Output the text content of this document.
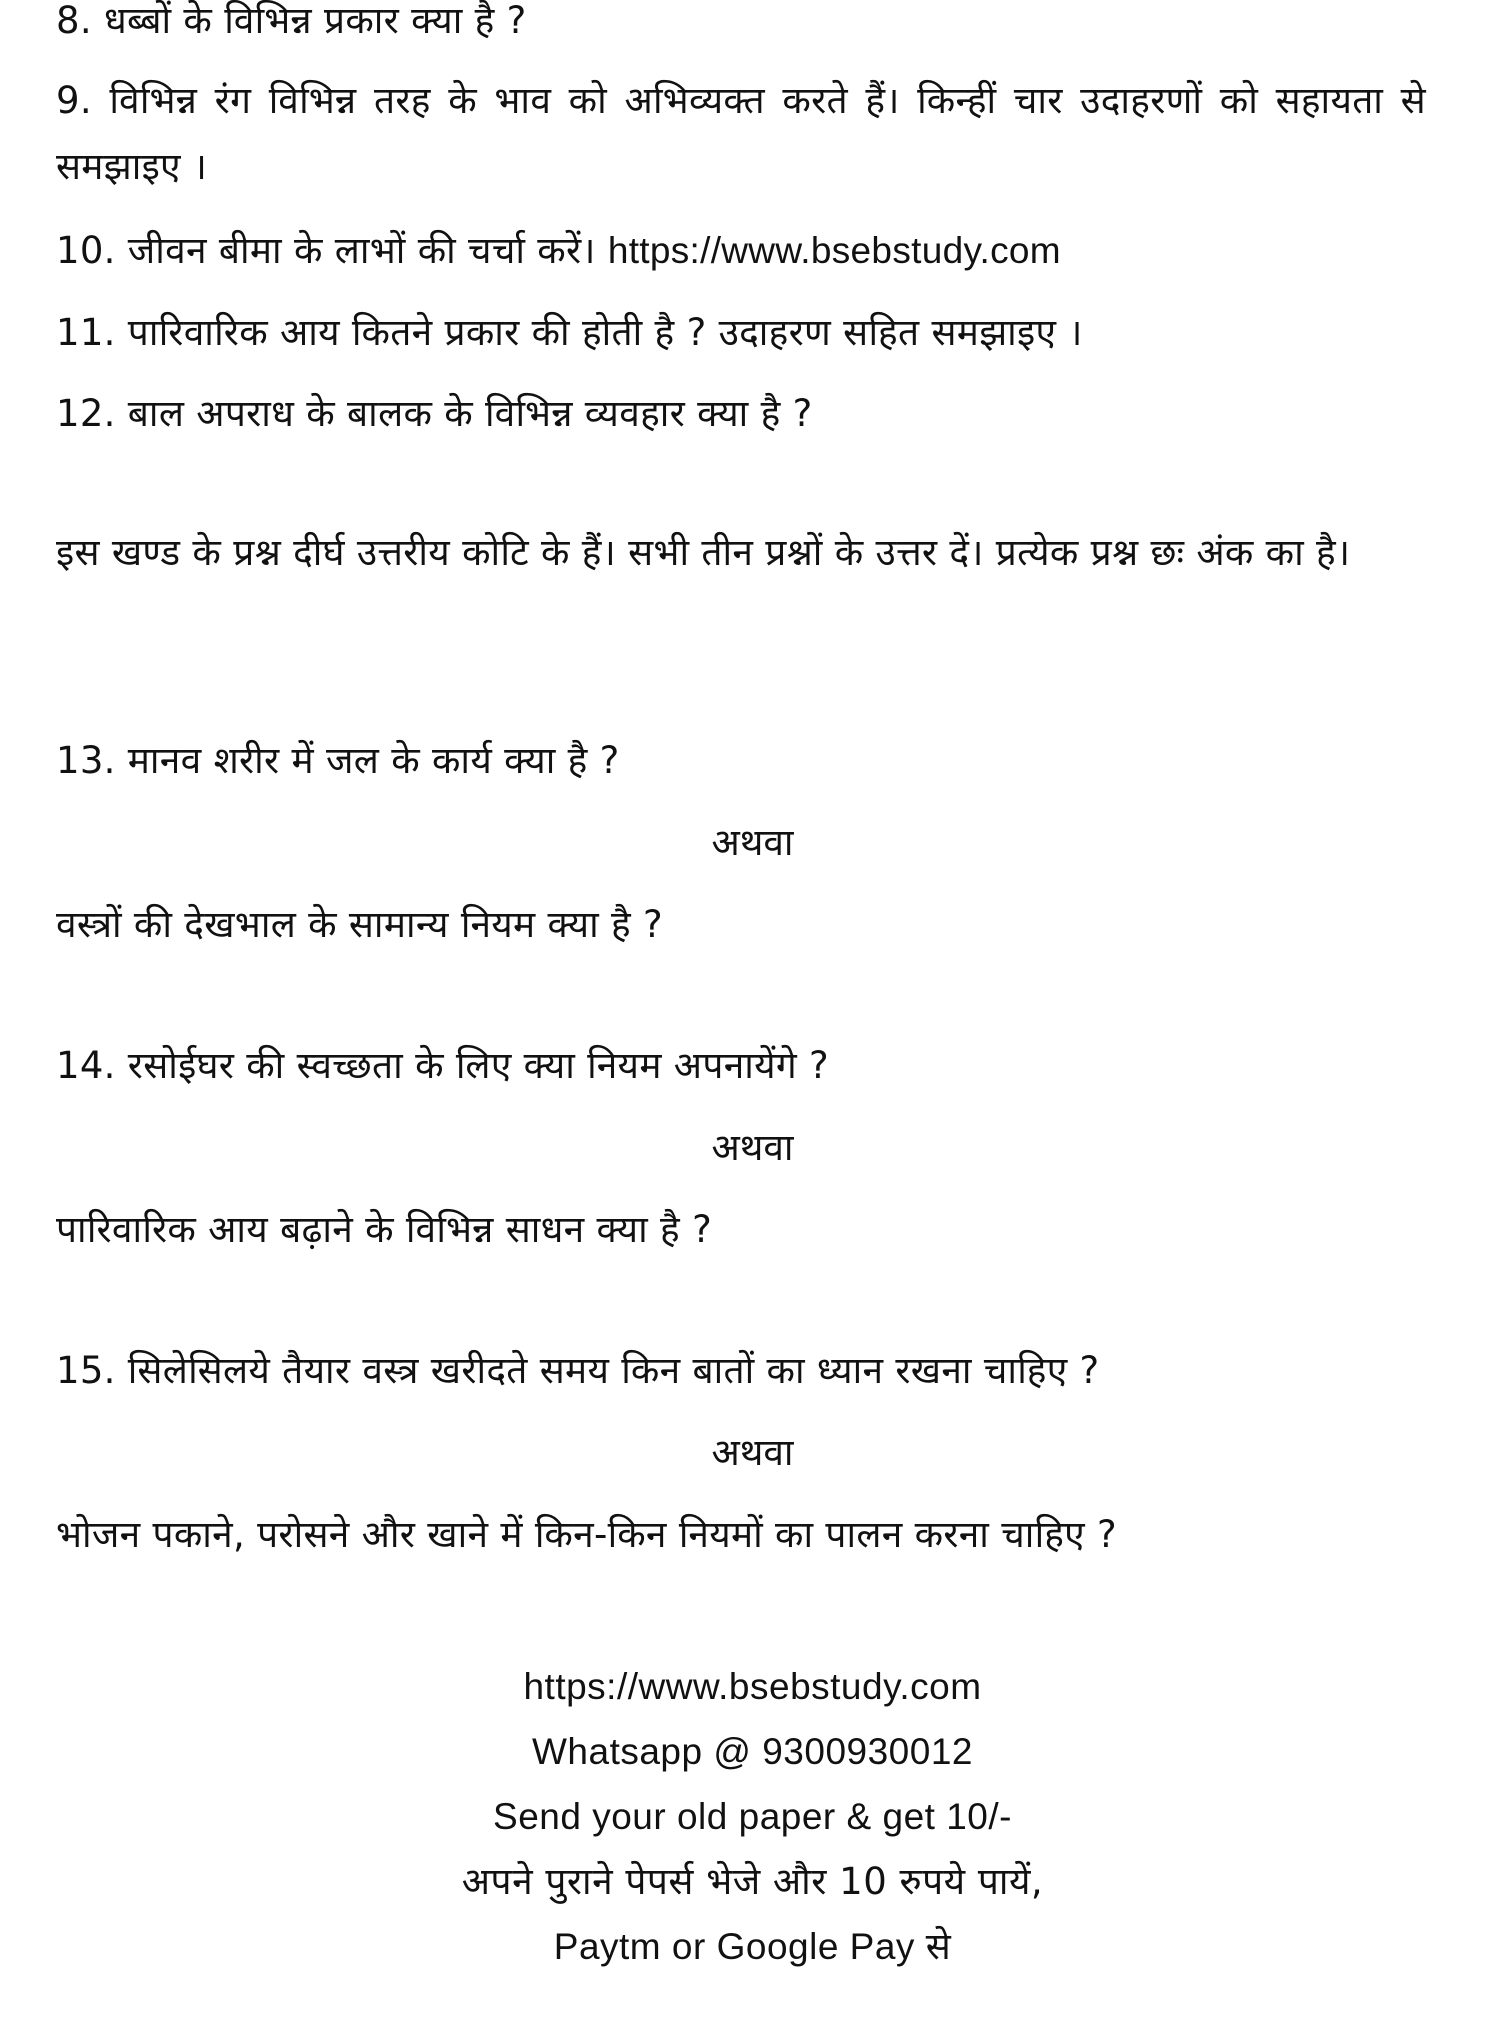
8. धब्बों के विभिन्न प्रकार क्या है ?
9. विभिन्न रंग विभिन्न तरह के भाव को अभिव्यक्त करते हैं। किन्हीं चार उदाहरणों को सहायता से समझाइए ।
10. जीवन बीमा के लाभों की चर्चा करें। https://www.bsebstudy.com
11. पारिवारिक आय कितने प्रकार की होती है ? उदाहरण सहित समझाइए ।
12. बाल अपराध के बालक के विभिन्न व्यवहार क्या है ?
इस खण्ड के प्रश्न दीर्घ उत्तरीय कोटि के हैं। सभी तीन प्रश्नों के उत्तर दें। प्रत्येक प्रश्न छः अंक का है।
13. मानव शरीर में जल के कार्य क्या है ?
अथवा
वस्त्रों की देखभाल के सामान्य नियम क्या है ?
14. रसोईघर की स्वच्छता के लिए क्या नियम अपनायेंगे ?
अथवा
पारिवारिक आय बढ़ाने के विभिन्न साधन क्या है ?
15. सिलेसिलये तैयार वस्त्र खरीदते समय किन बातों का ध्यान रखना चाहिए ?
अथवा
भोजन पकाने, परोसने और खाने में किन-किन नियमों का पालन करना चाहिए ?
https://www.bsebstudy.com
Whatsapp @ 9300930012
Send your old paper & get 10/-
अपने पुराने पेपर्स भेजे और 10 रुपये पायें,
Paytm or Google Pay से
